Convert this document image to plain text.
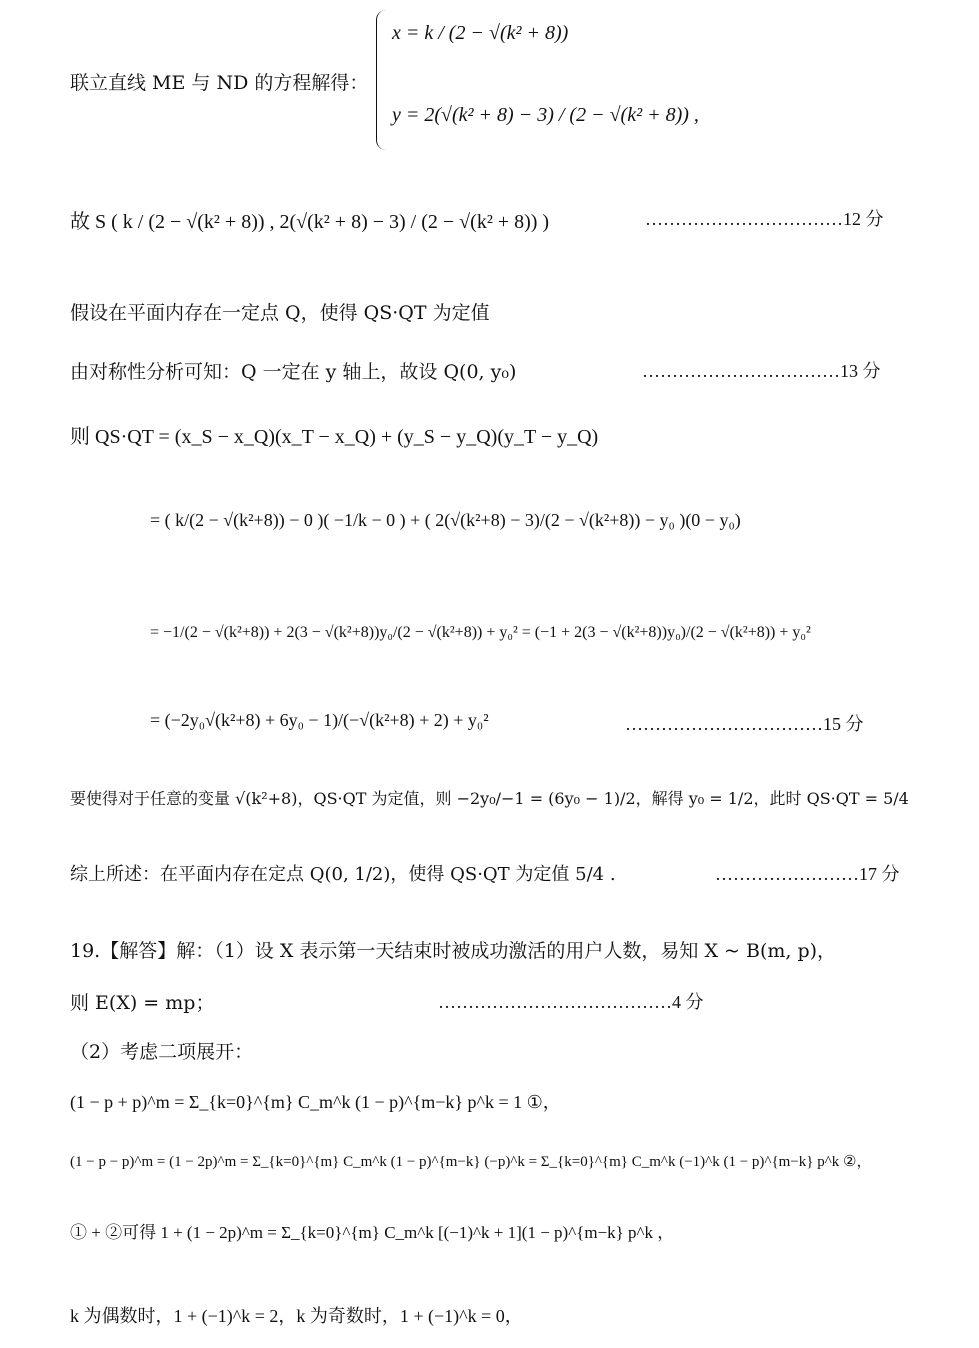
联立直线 ME 与 ND 的方程解得：
x = k / (2 − √(k² + 8))
y = 2(√(k² + 8) − 3) / (2 − √(k² + 8)) ,
故 S ( k / (2 − √(k² + 8)) , 2(√(k² + 8) − 3) / (2 − √(k² + 8)) )	……………………………12 分
假设在平面内存在一定点 Q，使得 QS·QT 为定值
由对称性分析可知：Q 一定在 y 轴上，故设 Q(0, y₀)	……………………………13 分
则 QS·QT = (x_S − x_Q)(x_T − x_Q) + (y_S − y_Q)(y_T − y_Q)
= ( k/(2 − √(k²+8)) − 0 )( −1/k − 0 ) + ( 2(√(k²+8) − 3)/(2 − √(k²+8)) − y₀ )(0 − y₀)
= −1/(2 − √(k²+8)) + 2(3 − √(k²+8))y₀/(2 − √(k²+8)) + y₀² = (−1 + 2(3 − √(k²+8))y₀)/(2 − √(k²+8)) + y₀²
= (−2y₀√(k²+8) + 6y₀ − 1)/(−√(k²+8) + 2) + y₀²	……………………………15 分
要使得对于任意的变量 √(k²+8)，QS·QT 为定值，则 −2y₀/−1 = (6y₀ − 1)/2，解得 y₀ = 1/2，此时 QS·QT = 5/4
综上所述：在平面内存在定点 Q(0, 1/2)，使得 QS·QT 为定值 5/4 .	……………………17 分
19.【解答】解：（1）设 X 表示第一天结束时被成功激活的用户人数，易知 X ~ B(m, p)，
则 E(X) = mp；	…………………………………4 分
（2）考虑二项展开：
(1 − p + p)^m = Σ_{k=0}^{m} C_m^k (1 − p)^{m−k} p^k = 1 ①，
(1 − p − p)^m = (1 − 2p)^m = Σ_{k=0}^{m} C_m^k (1 − p)^{m−k} (−p)^k = Σ_{k=0}^{m} C_m^k (−1)^k (1 − p)^{m−k} p^k ②，
① + ②可得 1 + (1 − 2p)^m = Σ_{k=0}^{m} C_m^k [(−1)^k + 1](1 − p)^{m−k} p^k ，
k 为偶数时，1 + (−1)^k = 2，k 为奇数时，1 + (−1)^k = 0，
